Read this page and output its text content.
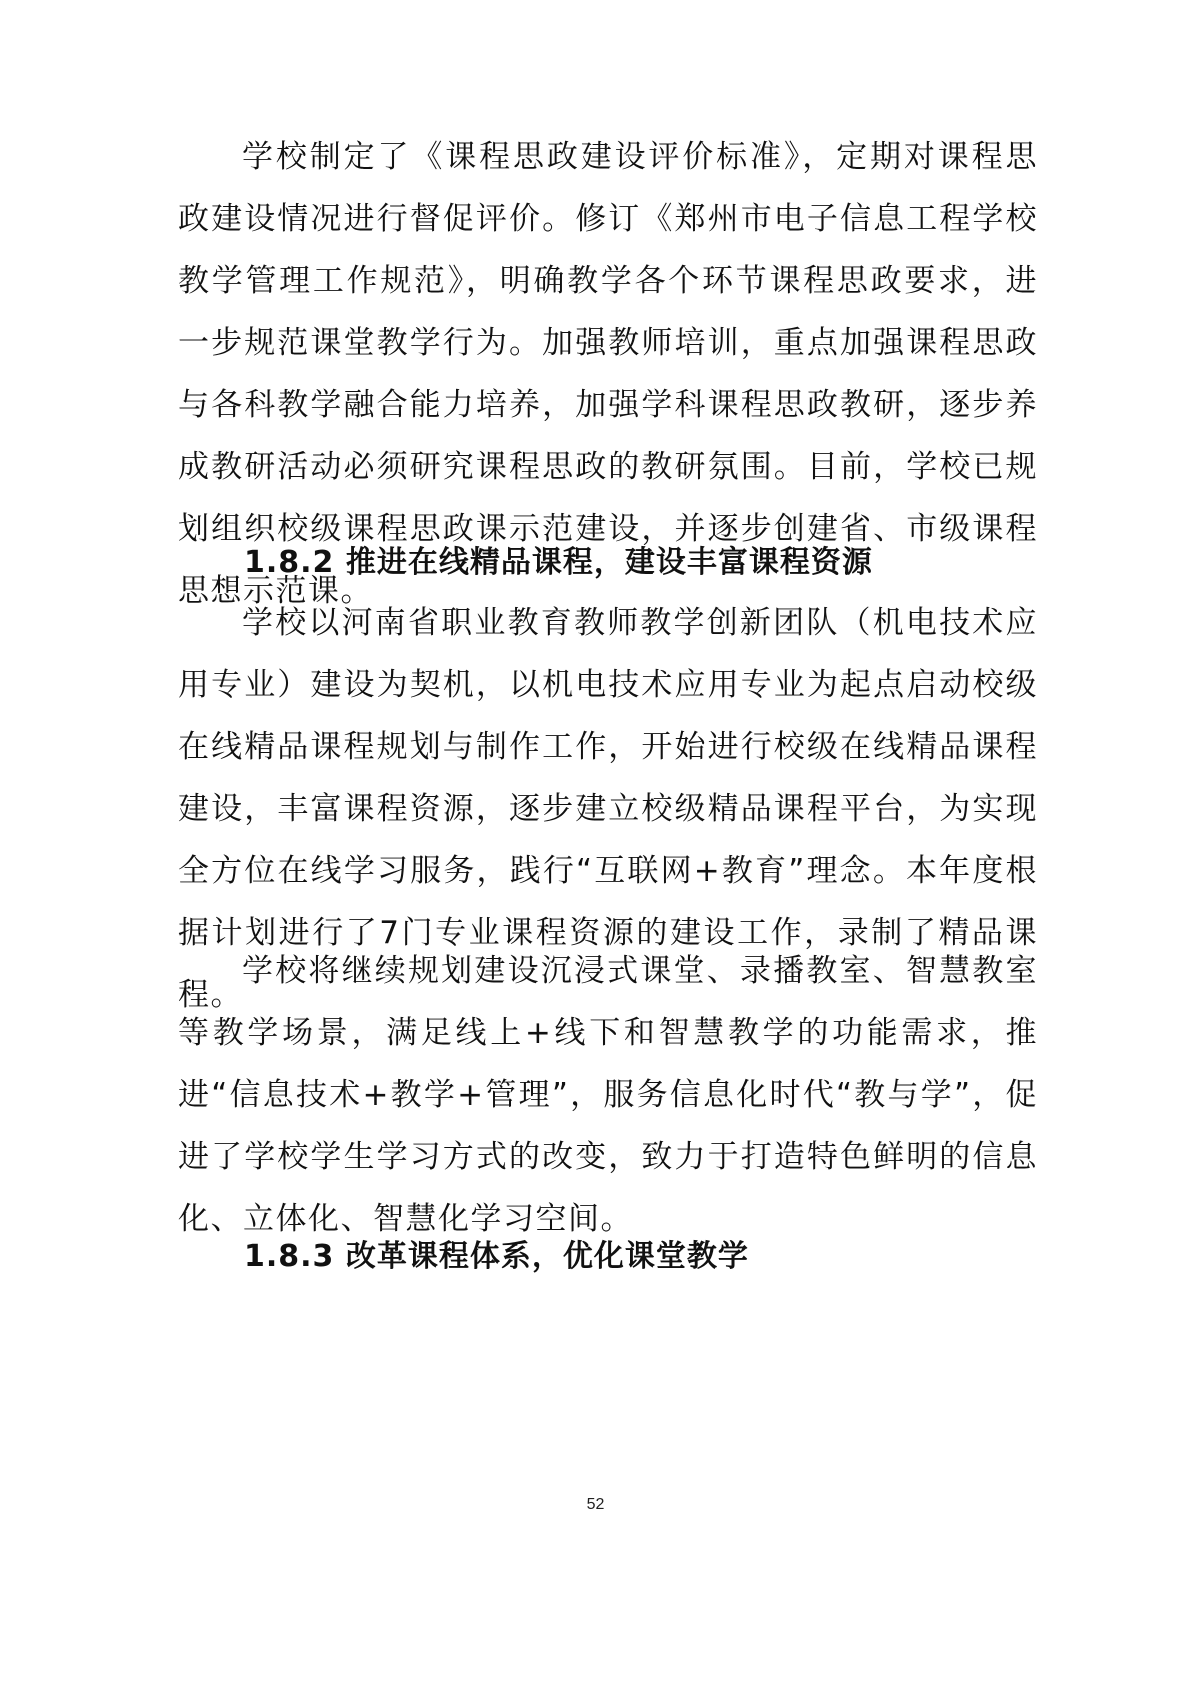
学校制定了《课程思政建设评价标准》，定期对课程思政建设情况进行督促评价。修订《郑州市电子信息工程学校教学管理工作规范》，明确教学各个环节课程思政要求，进一步规范课堂教学行为。加强教师培训，重点加强课程思政与各科教学融合能力培养，加强学科课程思政教研，逐步养成教研活动必须研究课程思政的教研氛围。目前，学校已规划组织校级课程思政课示范建设，并逐步创建省、市级课程思想示范课。

1.8.2 推进在线精品课程，建设丰富课程资源

学校以河南省职业教育教师教学创新团队（机电技术应用专业）建设为契机，以机电技术应用专业为起点启动校级在线精品课程规划与制作工作，开始进行校级在线精品课程建设，丰富课程资源，逐步建立校级精品课程平台，为实现全方位在线学习服务，践行“互联网+教育”理念。本年度根据计划进行了7门专业课程资源的建设工作，录制了精品课程。

学校将继续规划建设沉浸式课堂、录播教室、智慧教室等教学场景，满足线上+线下和智慧教学的功能需求，推进“信息技术+教学+管理”，服务信息化时代“教与学”，促进了学校学生学习方式的改变，致力于打造特色鲜明的信息化、立体化、智慧化学习空间。

1.8.3 改革课程体系，优化课堂教学
52
